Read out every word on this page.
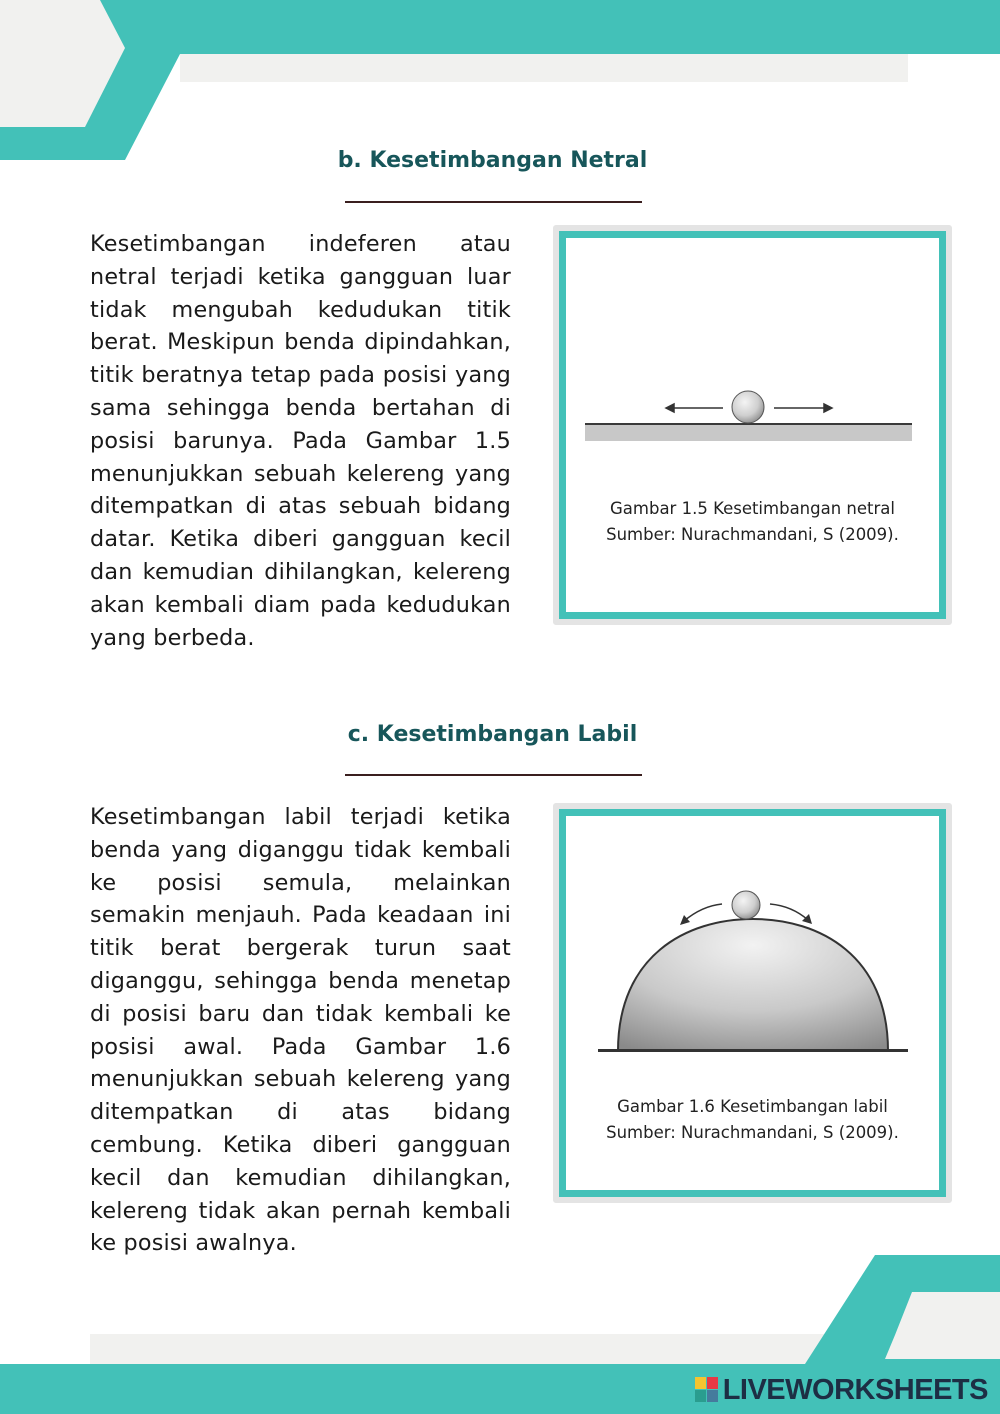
b. Kesetimbangan Netral
Kesetimbangan indeferen atau netral terjadi ketika gangguan luar tidak mengubah kedudukan titik berat. Meskipun benda dipindahkan, titik beratnya tetap pada posisi yang sama sehingga benda bertahan di posisi barunya. Pada Gambar 1.5 menunjukkan sebuah kelereng yang ditempatkan di atas sebuah bidang datar. Ketika diberi gangguan kecil dan kemudian dihilangkan, kelereng akan kembali diam pada kedudukan yang berbeda.
Gambar 1.5 Kesetimbangan netral
Sumber: Nurachmandani, S (2009).
c. Kesetimbangan Labil
Kesetimbangan labil terjadi ketika benda yang diganggu tidak kembali ke posisi semula, melainkan semakin menjauh. Pada keadaan ini titik berat bergerak turun saat diganggu, sehingga benda menetap di posisi baru dan tidak kembali ke posisi awal. Pada Gambar 1.6 menunjukkan sebuah kelereng yang ditempatkan di atas bidang cembung. Ketika diberi gangguan kecil dan kemudian dihilangkan, kelereng tidak akan pernah kembali ke posisi awalnya.
Gambar 1.6 Kesetimbangan labil
Sumber: Nurachmandani, S (2009).
LIVEWORKSHEETS
